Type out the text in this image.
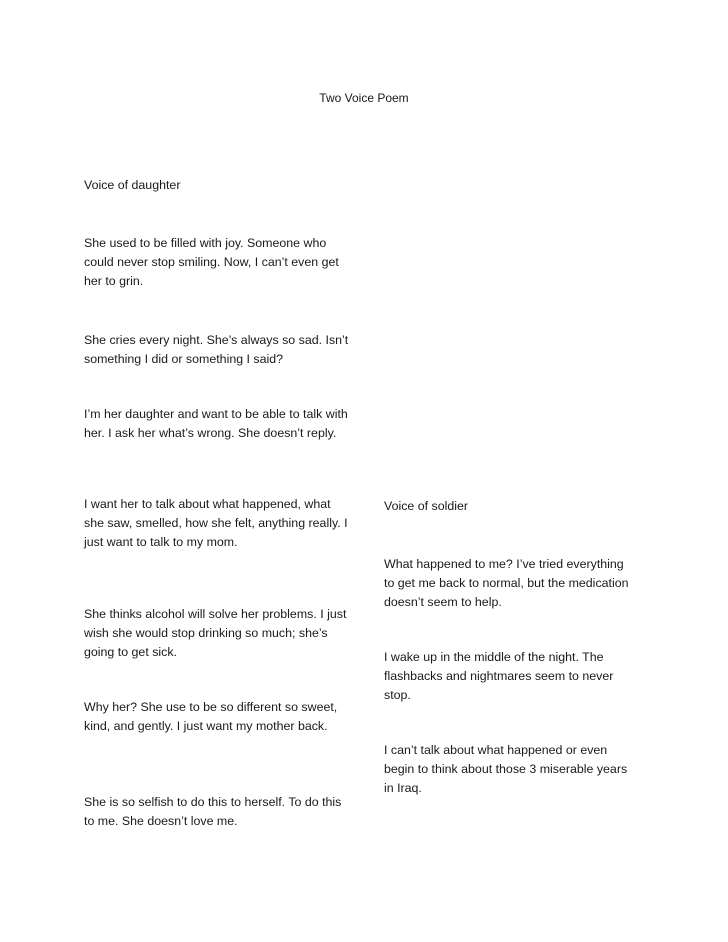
Two Voice Poem

Voice of daughter

She used to be filled with joy. Someone who could never stop smiling. Now, I can’t even get her to grin.

She cries every night. She’s always so sad. Isn’t something I did or something I said?

I’m her daughter and want to be able to talk with her. I ask her what’s wrong. She doesn’t reply.

I want her to talk about what happened, what she saw, smelled, how she felt, anything really. I just want to talk to my mom.

She thinks alcohol will solve her problems. I just wish she would stop drinking so much; she’s going to get sick.

Why her? She use to be so different so sweet, kind, and gently. I just want my mother back.

She is so selfish to do this to herself. To do this to me. She doesn’t love me.

Voice of soldier

What happened to me? I’ve tried everything to get me back to normal, but the medication doesn’t seem to help.

I wake up in the middle of the night. The flashbacks and nightmares seem to never stop.

I can’t talk about what happened or even begin to think about those 3 miserable years in Iraq.
